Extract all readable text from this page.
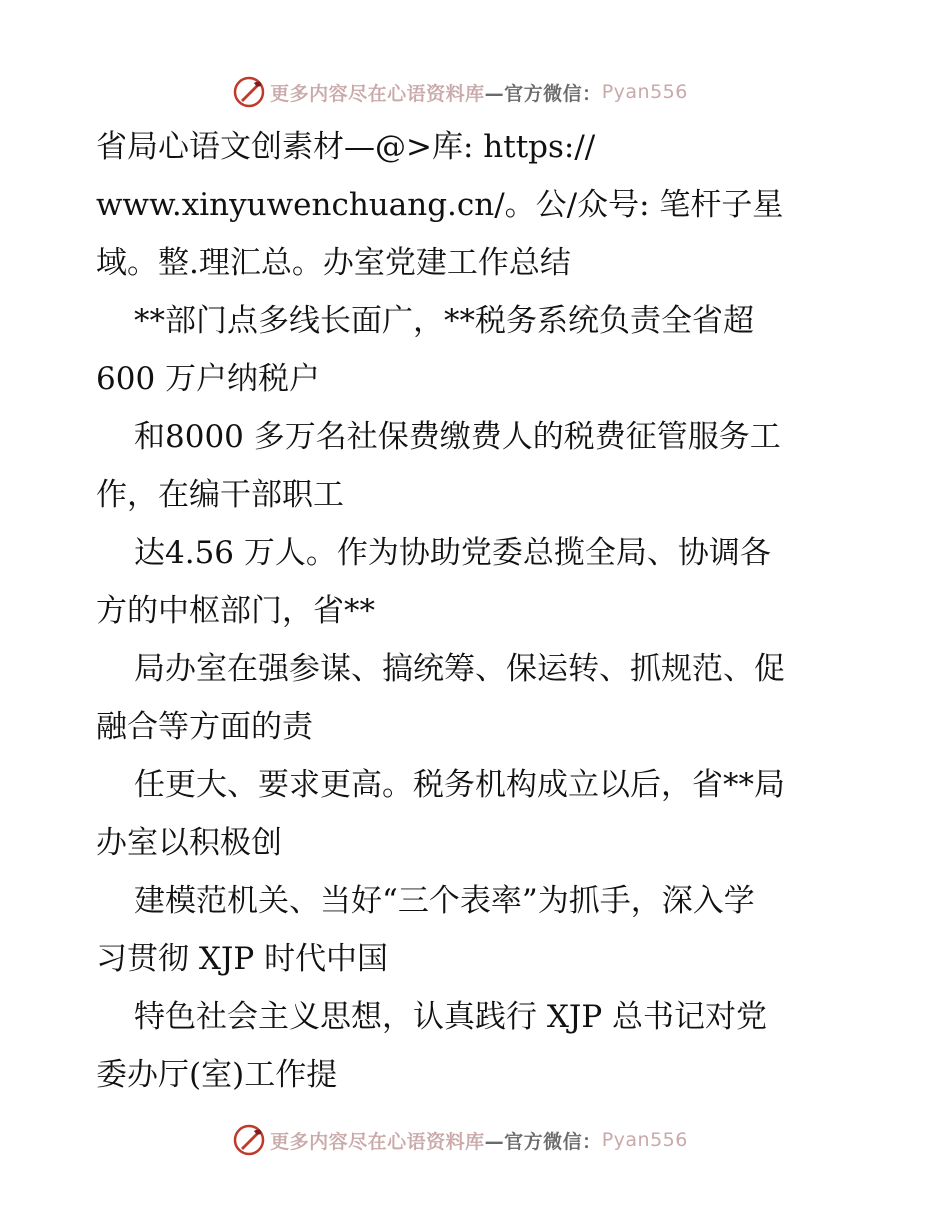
更多内容尽在心语资料库 —官方微信： Pyan556
省局心语文创素材—@>库: https://
www.xinyuwenchuang.cn/。公/众号: 笔杆子星
域。整.理汇总。办室党建工作总结
**部门点多线长面广，**税务系统负责全省超
600 万户纳税户
和8000 多万名社保费缴费人的税费征管服务工
作，在编干部职工
达4.56 万人。作为协助党委总揽全局、协调各
方的中枢部门，省**
局办室在强参谋、搞统筹、保运转、抓规范、促
融合等方面的责
任更大、要求更高。税务机构成立以后，省**局
办室以积极创
建模范机关、当好“三个表率”为抓手，深入学
习贯彻 XJP 时代中国
特色社会主义思想，认真践行 XJP 总书记对党
委办厅(室)工作提
更多内容尽在心语资料库 —官方微信： Pyan556
